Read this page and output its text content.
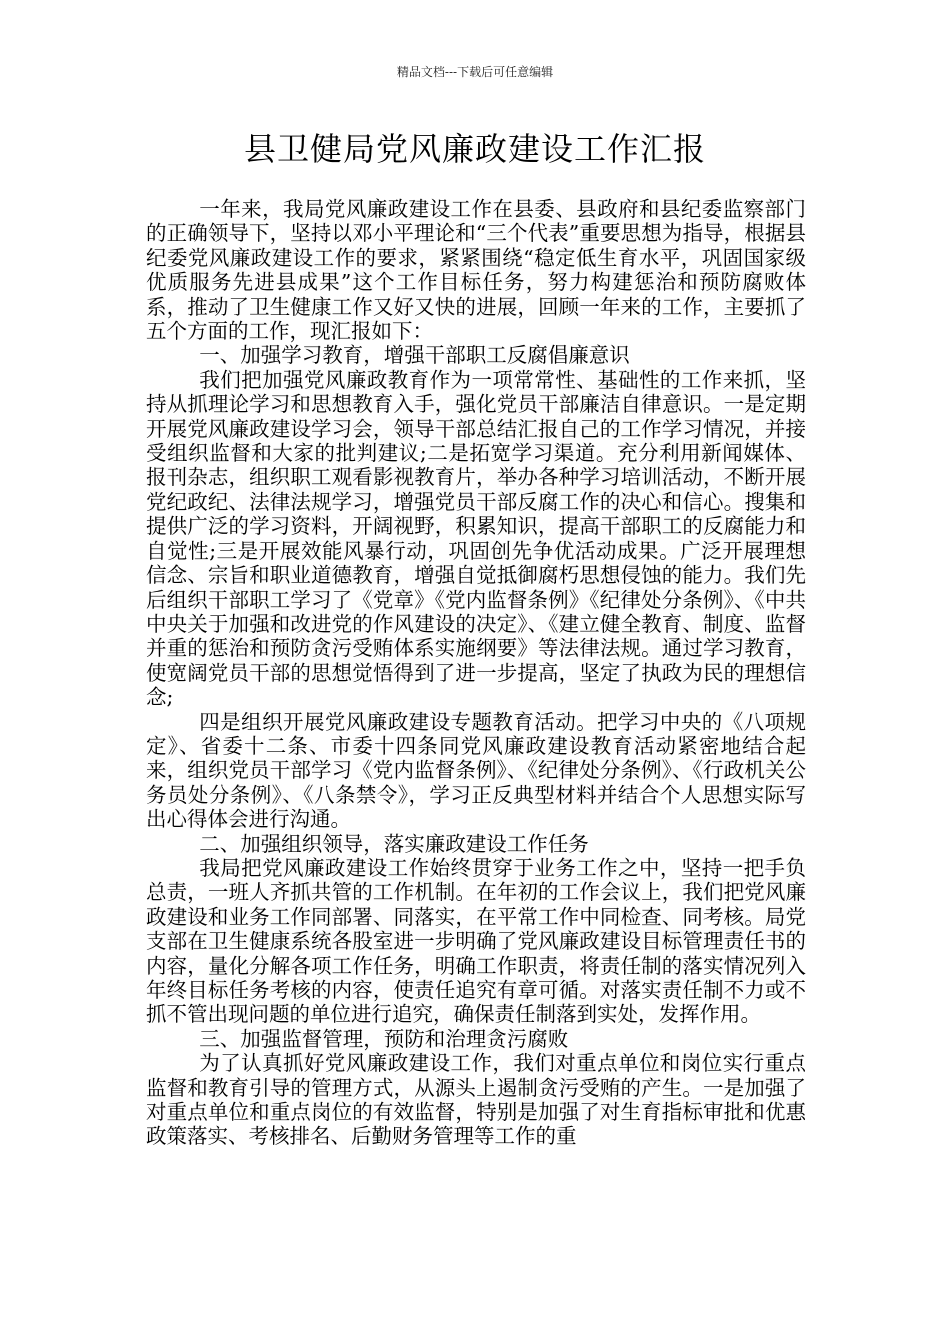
精品文档---下载后可任意编辑
县卫健局党风廉政建设工作汇报

一年来，我局党风廉政建设工作在县委、县政府和县纪委监察部门的正确领导下，坚持以邓小平理论和“三个代表”重要思想为指导，根据县纪委党风廉政建设工作的要求，紧紧围绕“稳定低生育水平，巩固国家级优质服务先进县成果”这个工作目标任务，努力构建惩治和预防腐败体系，推动了卫生健康工作又好又快的进展，回顾一年来的工作，主要抓了五个方面的工作，现汇报如下：

一、加强学习教育，增强干部职工反腐倡廉意识

我们把加强党风廉政教育作为一项常常性、基础性的工作来抓，坚持从抓理论学习和思想教育入手，强化党员干部廉洁自律意识。一是定期开展党风廉政建设学习会，领导干部总结汇报自己的工作学习情况，并接受组织监督和大家的批判建议;二是拓宽学习渠道。充分利用新闻媒体、报刊杂志，组织职工观看影视教育片，举办各种学习培训活动，不断开展党纪政纪、法律法规学习，增强党员干部反腐工作的决心和信心。搜集和提供广泛的学习资料，开阔视野，积累知识，提高干部职工的反腐能力和自觉性;三是开展效能风暴行动，巩固创先争优活动成果。广泛开展理想信念、宗旨和职业道德教育，增强自觉抵御腐朽思想侵蚀的能力。我们先后组织干部职工学习了《党章》《党内监督条例》《纪律处分条例》、《中共中央关于加强和改进党的作风建设的决定》、《建立健全教育、制度、监督并重的惩治和预防贪污受贿体系实施纲要》等法律法规。通过学习教育，使宽阔党员干部的思想觉悟得到了进一步提高，坚定了执政为民的理想信念;

四是组织开展党风廉政建设专题教育活动。把学习中央的《八项规定》、省委十二条、市委十四条同党风廉政建设教育活动紧密地结合起来，组织党员干部学习《党内监督条例》、《纪律处分条例》、《行政机关公务员处分条例》、《八条禁令》，学习正反典型材料并结合个人思想实际写出心得体会进行沟通。

二、加强组织领导，落实廉政建设工作任务

我局把党风廉政建设工作始终贯穿于业务工作之中，坚持一把手负总责，一班人齐抓共管的工作机制。在年初的工作会议上，我们把党风廉政建设和业务工作同部署、同落实，在平常工作中同检查、同考核。局党支部在卫生健康系统各股室进一步明确了党风廉政建设目标管理责任书的内容，量化分解各项工作任务，明确工作职责，将责任制的落实情况列入年终目标任务考核的内容，使责任追究有章可循。对落实责任制不力或不抓不管出现问题的单位进行追究，确保责任制落到实处，发挥作用。

三、加强监督管理，预防和治理贪污腐败

为了认真抓好党风廉政建设工作，我们对重点单位和岗位实行重点监督和教育引导的管理方式，从源头上遏制贪污受贿的产生。一是加强了对重点单位和重点岗位的有效监督，特别是加强了对生育指标审批和优惠政策落实、考核排名、后勤财务管理等工作的重
